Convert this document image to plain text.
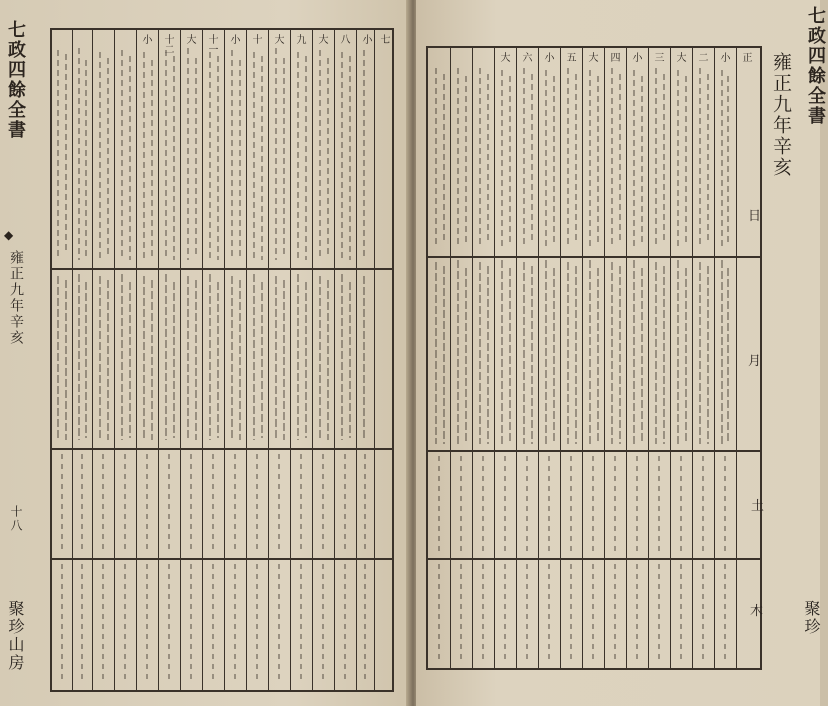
七政四餘全書
◆
雍正九年辛亥
十八
聚珍山房
七
小
八
大
九
大
十
小
十一
大
十二
小
正
小
二
大
三
小
四
大
五
小
六
大	雍正九年辛亥
日
月
土
木
七政四餘全書
聚珍
